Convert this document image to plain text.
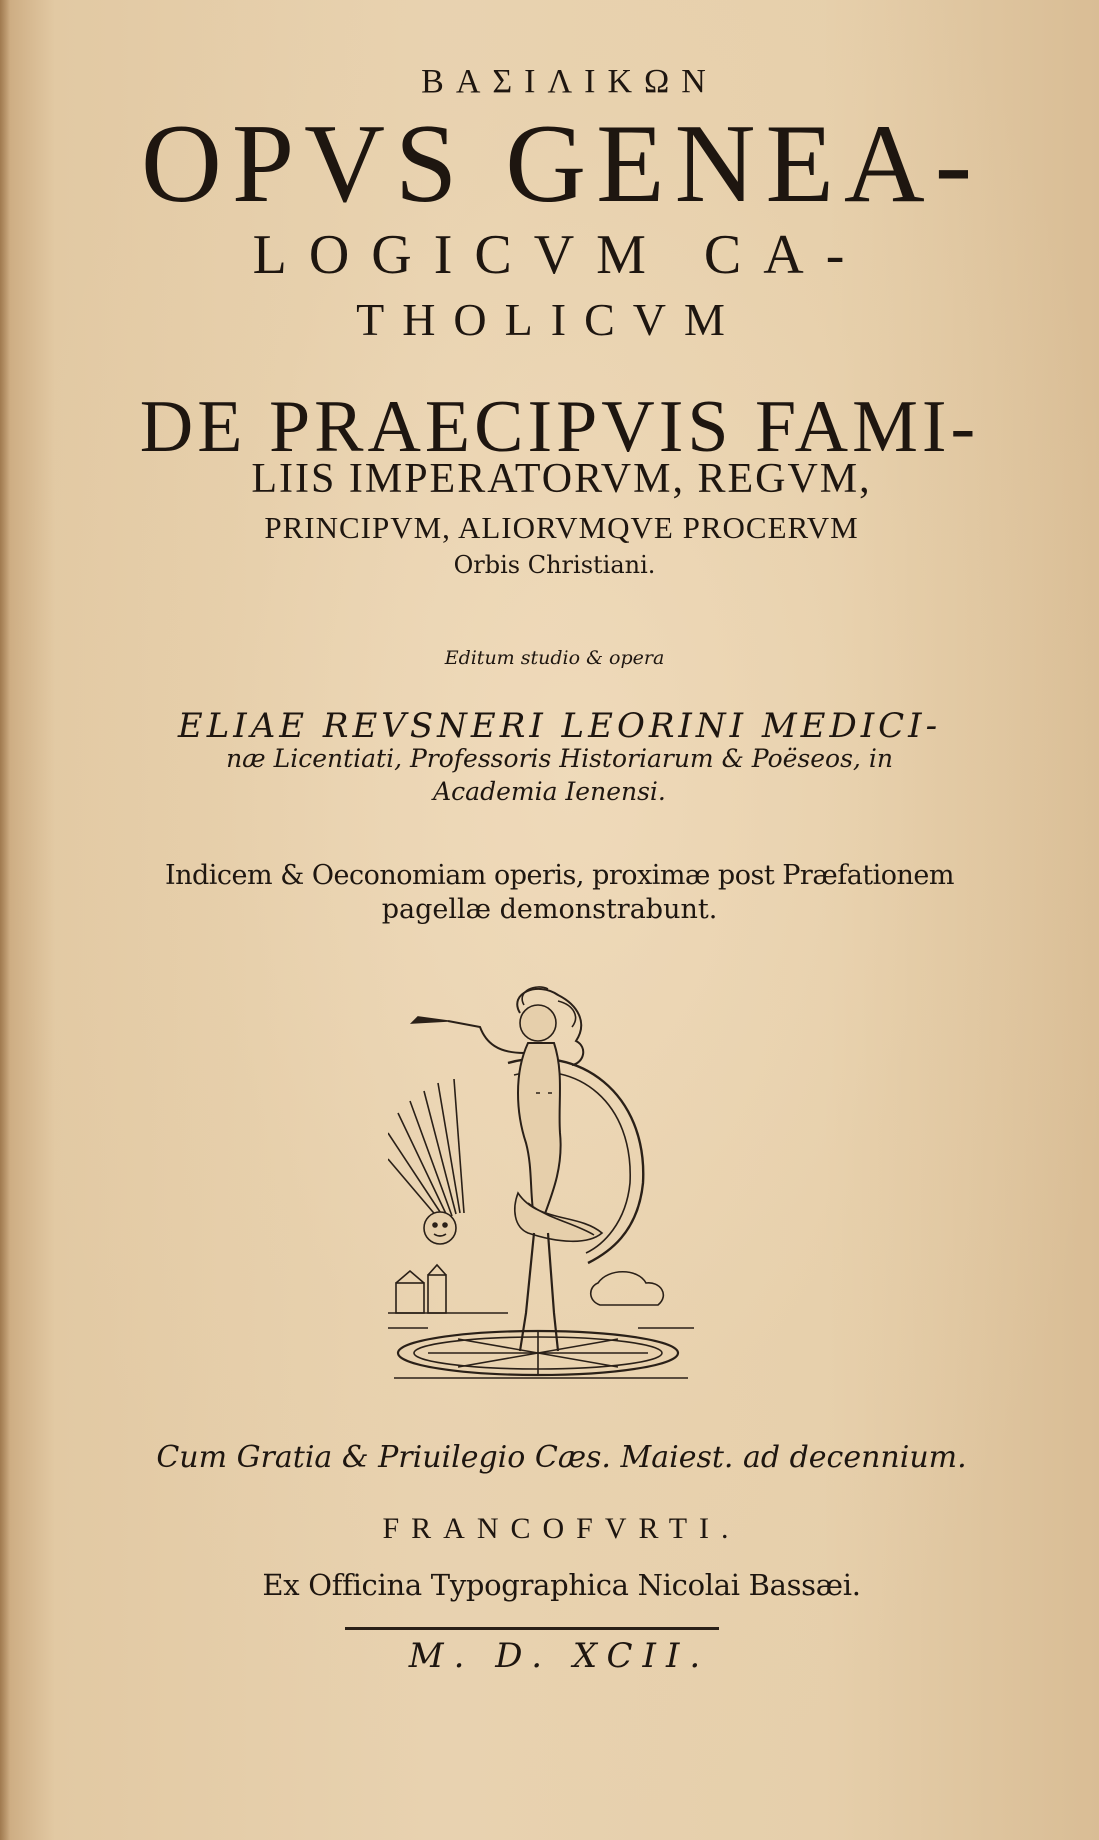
ΒΑΣΙΛΙΚΩΝ
OPVS GENEA-
LOGICVM CA-
THOLICVM
DE PRAECIPVIS FAMI-
LIIS IMPERATORVM, REGVM,
PRINCIPVM, ALIORVMQVE PROCERVM
Orbis Christiani.
Editum studio & opera
ELIAE REVSNERI LEORINI MEDICI-
næ Licentiati, Professoris Historiarum & Poëseos, in
Academia Ienensi.
Indicem & Oeconomiam operis, proximæ post Præfationem
pagellæ demonstrabunt.
Cum Gratia & Priuilegio Cæs. Maiest. ad decennium.
FRANCOFVRTI.
Ex Officina Typographica Nicolai Bassæi.
M. D. XCII.
